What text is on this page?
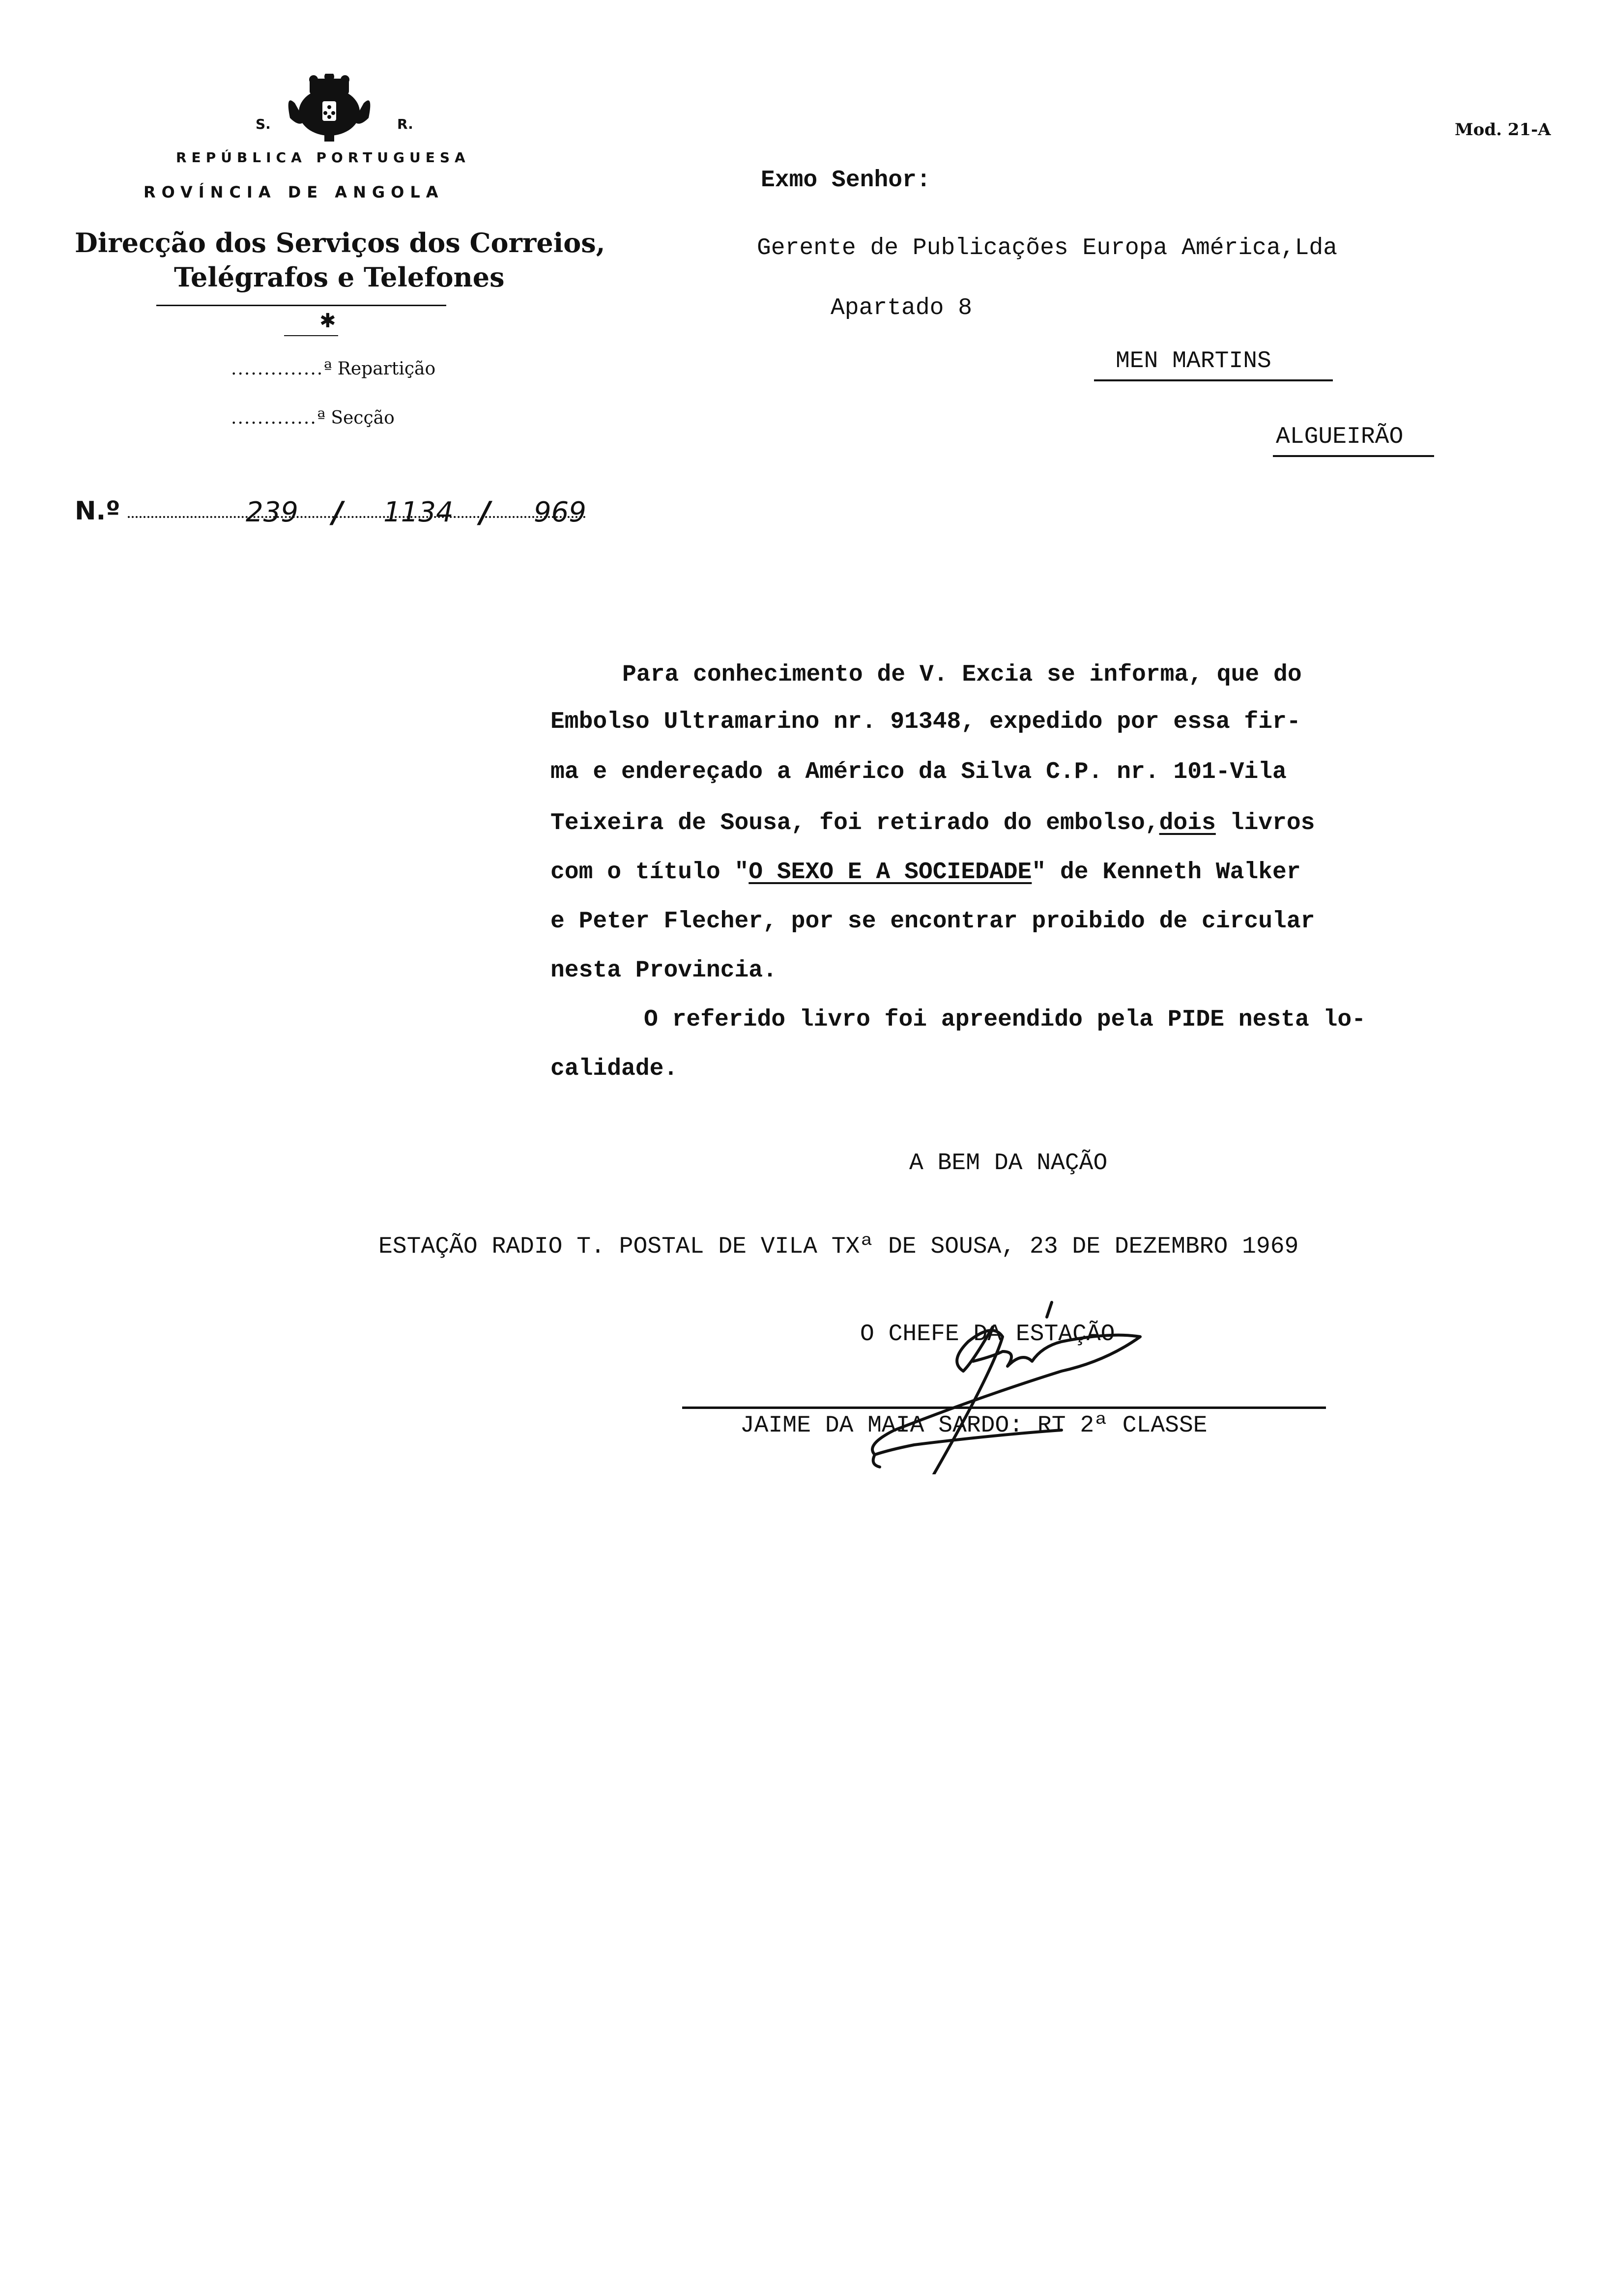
S.	R.
REPÚBLICA PORTUGUESA
ROVÍNCIA DE ANGOLA
Direcção dos Serviços dos Correios,
Telégrafos e Telefones
✱
..............ª Repartição
.............ª Secção
N.º	239 / 1134 / 969
Mod. 21-A
Exmo Senhor:
Gerente de Publicações Europa América,Lda
Apartado 8
MEN MARTINS
ALGUEIRÃO
Para conhecimento de V. Excia se informa, que do
Embolso Ultramarino nr. 91348, expedido por essa fir-
ma e endereçado a Américo da Silva C.P. nr. 101-Vila
Teixeira de Sousa, foi retirado do embolso,dois livros
com o título "O SEXO E A SOCIEDADE" de Kenneth Walker
e Peter Flecher, por se encontrar proibido de circular
nesta Provincia.
O referido livro foi apreendido pela PIDE nesta lo-
calidade.
A BEM DA NAÇÃO
ESTAÇÃO RADIO T. POSTAL DE VILA TXª DE SOUSA, 23 DE DEZEMBRO 1969
O CHEFE DA ESTAÇÃO
JAIME DA MAIA SARDO: RT 2ª CLASSE
